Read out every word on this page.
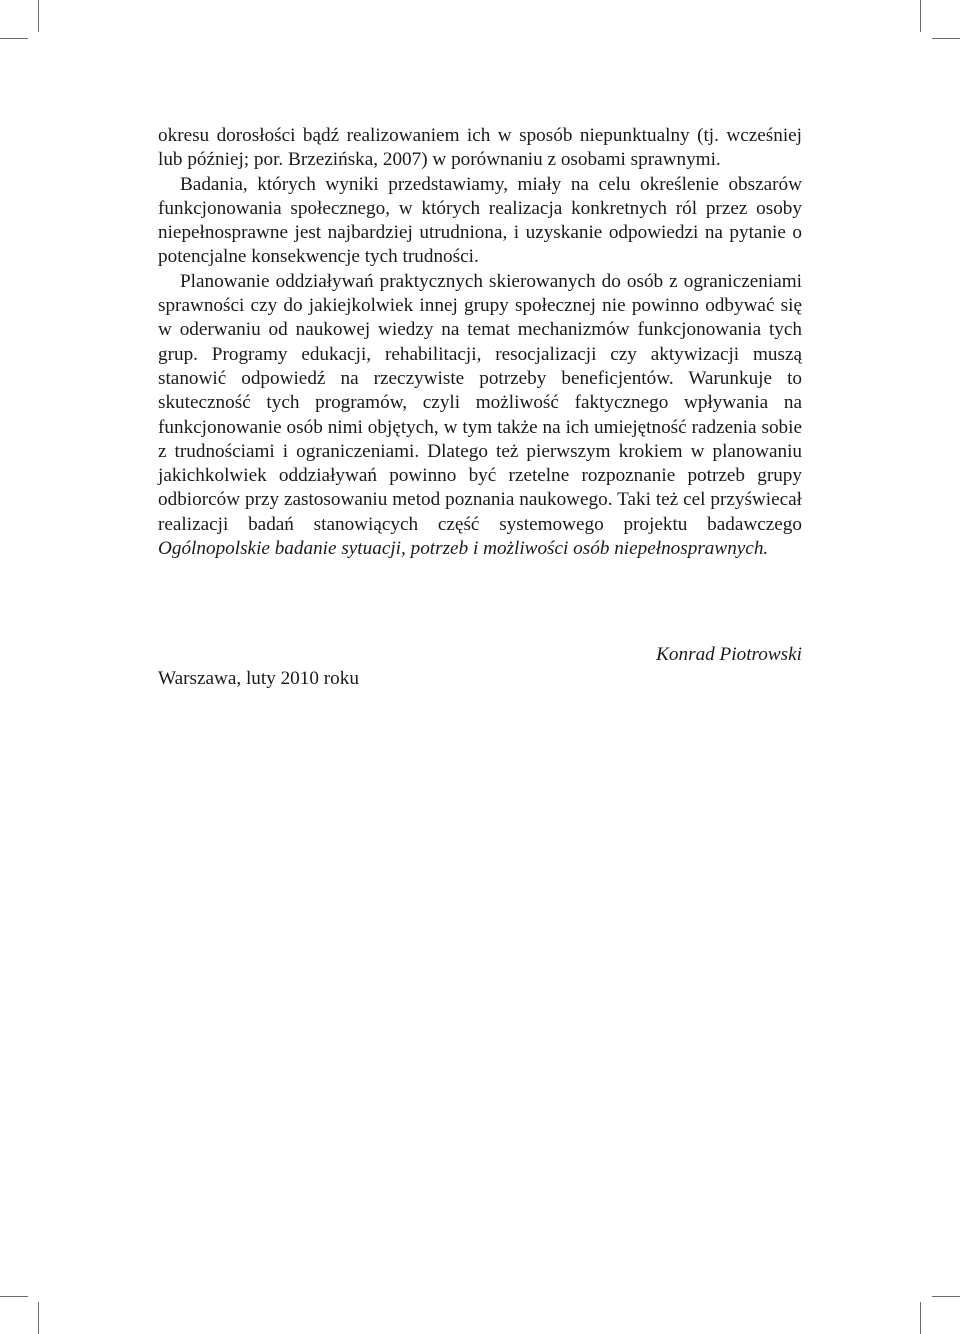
okresu dorosłości bądź realizowaniem ich w sposób niepunktualny (tj. wcześniej lub później; por. Brzezińska, 2007) w porównaniu z osobami sprawnymi.

Badania, których wyniki przedstawiamy, miały na celu określenie obszarów funkcjonowania społecznego, w których realizacja konkretnych ról przez osoby niepełnosprawne jest najbardziej utrudniona, i uzyskanie odpowiedzi na pytanie o potencjalne konsekwencje tych trudności.

Planowanie oddziaływań praktycznych skierowanych do osób z ograniczeniami sprawności czy do jakiejkolwiek innej grupy społecznej nie powinno odbywać się w oderwaniu od naukowej wiedzy na temat mechanizmów funkcjonowania tych grup. Programy edukacji, rehabilitacji, resocjalizacji czy aktywizacji muszą stanowić odpowiedź na rzeczywiste potrzeby beneficjentów. Warunkuje to skuteczność tych programów, czyli możliwość faktycznego wpływania na funkcjonowanie osób nimi objętych, w tym także na ich umiejętność radzenia sobie z trudnościami i ograniczeniami. Dlatego też pierwszym krokiem w planowaniu jakichkolwiek oddziaływań powinno być rzetelne rozpoznanie potrzeb grupy odbiorców przy zastosowaniu metod poznania naukowego. Taki też cel przyświecał realizacji badań stanowiących część systemowego projektu badawczego Ogólnopolskie badanie sytuacji, potrzeb i możliwości osób niepełnosprawnych.

Konrad Piotrowski
Warszawa, luty 2010 roku
